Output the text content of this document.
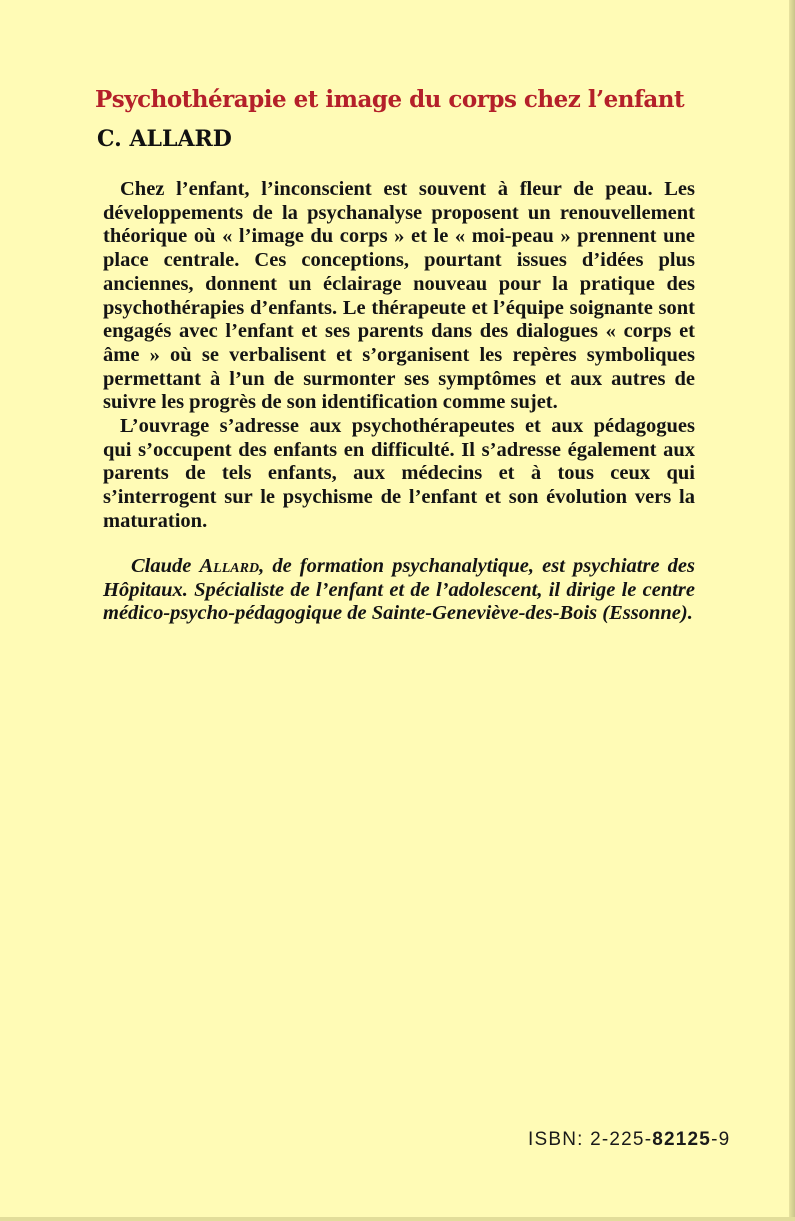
Psychothérapie et image du corps chez l’enfant
C. ALLARD

Chez l’enfant, l’inconscient est souvent à fleur de peau. Les développements de la psychanalyse proposent un renouvellement théorique où « l’image du corps » et le « moi-peau » prennent une place centrale. Ces conceptions, pourtant issues d’idées plus anciennes, donnent un éclairage nouveau pour la pratique des psychothérapies d’enfants. Le thérapeute et l’équipe soignante sont engagés avec l’enfant et ses parents dans des dialogues « corps et âme » où se verbalisent et s’organisent les repères symboliques permettant à l’un de surmonter ses symptômes et aux autres de suivre les progrès de son identification comme sujet.

L’ouvrage s’adresse aux psychothérapeutes et aux pédagogues qui s’occupent des enfants en difficulté. Il s’adresse également aux parents de tels enfants, aux médecins et à tous ceux qui s’interrogent sur le psychisme de l’enfant et son évolution vers la maturation.

Claude Allard, de formation psychanalytique, est psychiatre des Hôpitaux. Spécialiste de l’enfant et de l’adolescent, il dirige le centre médico-psycho-pédagogique de Sainte-Geneviève-des-Bois (Essonne).

ISBN: 2-225-82125-9
